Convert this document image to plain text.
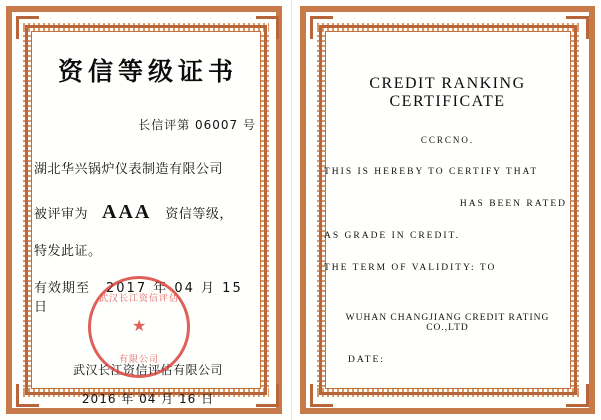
资信等级证书
长信评第 06007 号
湖北华兴锅炉仪表制造有限公司
被评审为 AAA	资信等级，
特发此证。
有效期至 2017 年 04 月 15 日
武汉长江资信评估有限公司
2016 年 04 月 16 日
武汉长江资信评估
★
有限公司
CREDIT RANKING CERTIFICATE
CCRCNO.
THIS IS HEREBY TO CERTIFY THAT
HAS BEEN RATED
AS GRADE IN CREDIT.
THE TERM OF VALIDITY: TO
WUHAN CHANGJIANG CREDIT RATING CO.,LTD
DATE:
